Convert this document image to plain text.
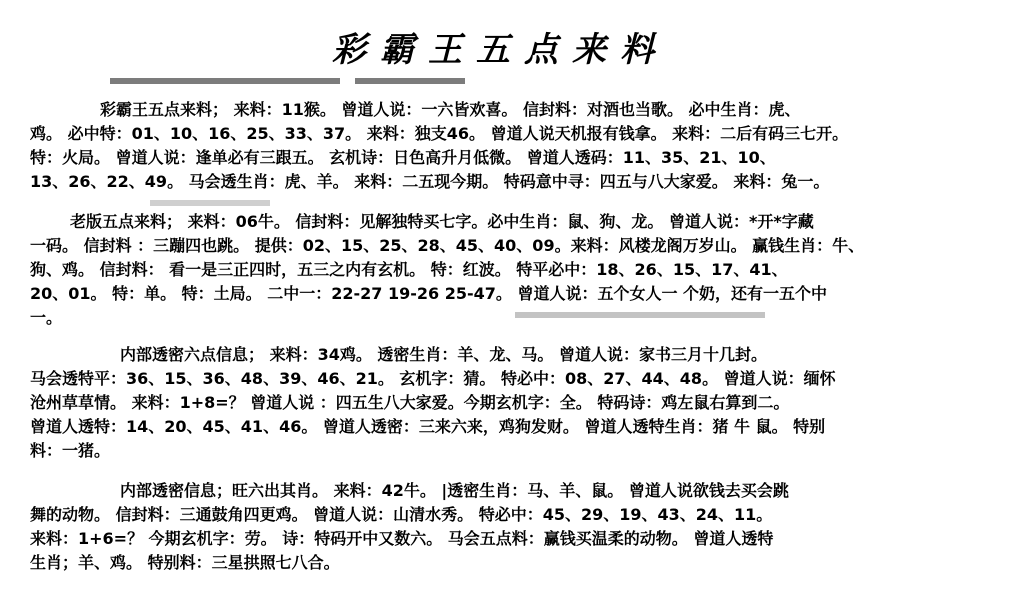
彩霸王五点来料
彩霸王五点来料； 来料：11猴。 曾道人说：一六皆欢喜。 信封料：对酒也当歌。 必中生肖：虎、
鸡。 必中特：01、10、16、25、33、37。 来料：独支46。 曾道人说天机报有钱拿。 来料：二后有码三七开。
特：火局。 曾道人说：逢单必有三跟五。 玄机诗：日色高升月低微。 曾道人透码：11、35、21、10、
13、26、22、49。 马会透生肖：虎、羊。 来料：二五现今期。 特码意中寻：四五与八大家爱。 来料：兔一。
老版五点来料； 来料：06牛。 信封料：见解独特买七字。必中生肖：鼠、狗、龙。 曾道人说：*开*字藏
一码。 信封料 ：三蹦四也跳。 提供：02、15、25、28、45、40、09。来料：风楼龙阁万岁山。 赢钱生肖：牛、
狗、鸡。 信封料： 看一是三正四时，五三之内有玄机。 特：红波。 特平必中：18、26、15、17、41、
20、01。 特：单。 特：土局。 二中一：22-27 19-26 25-47。 曾道人说：五个女人一 个奶，还有一五个中
一。
内部透密六点信息； 来料：34鸡。 透密生肖：羊、龙、马。 曾道人说：家书三月十几封。
马会透特平：36、15、36、48、39、46、21。 玄机字：猜。 特必中：08、27、44、48。 曾道人说：缅怀
沧州草草情。 来料：1+8=？ 曾道人说 ：四五生八大家爱。今期玄机字：全。 特码诗：鸡左鼠右算到二。
曾道人透特：14、20、45、41、46。 曾道人透密：三来六来，鸡狗发财。 曾道人透特生肖：猪 牛 鼠。 特别
料：一猪。
内部透密信息；旺六出其肖。 来料：42牛。 |透密生肖：马、羊、鼠。 曾道人说欲钱去买会跳
舞的动物。 信封料：三通鼓角四更鸡。 曾道人说：山清水秀。 特必中：45、29、19、43、24、11。
来料：1+6=？ 今期玄机字：劳。 诗：特码开中又数六。 马会五点料：赢钱买温柔的动物。 曾道人透特
生肖；羊、鸡。 特别料：三星拱照七八合。
